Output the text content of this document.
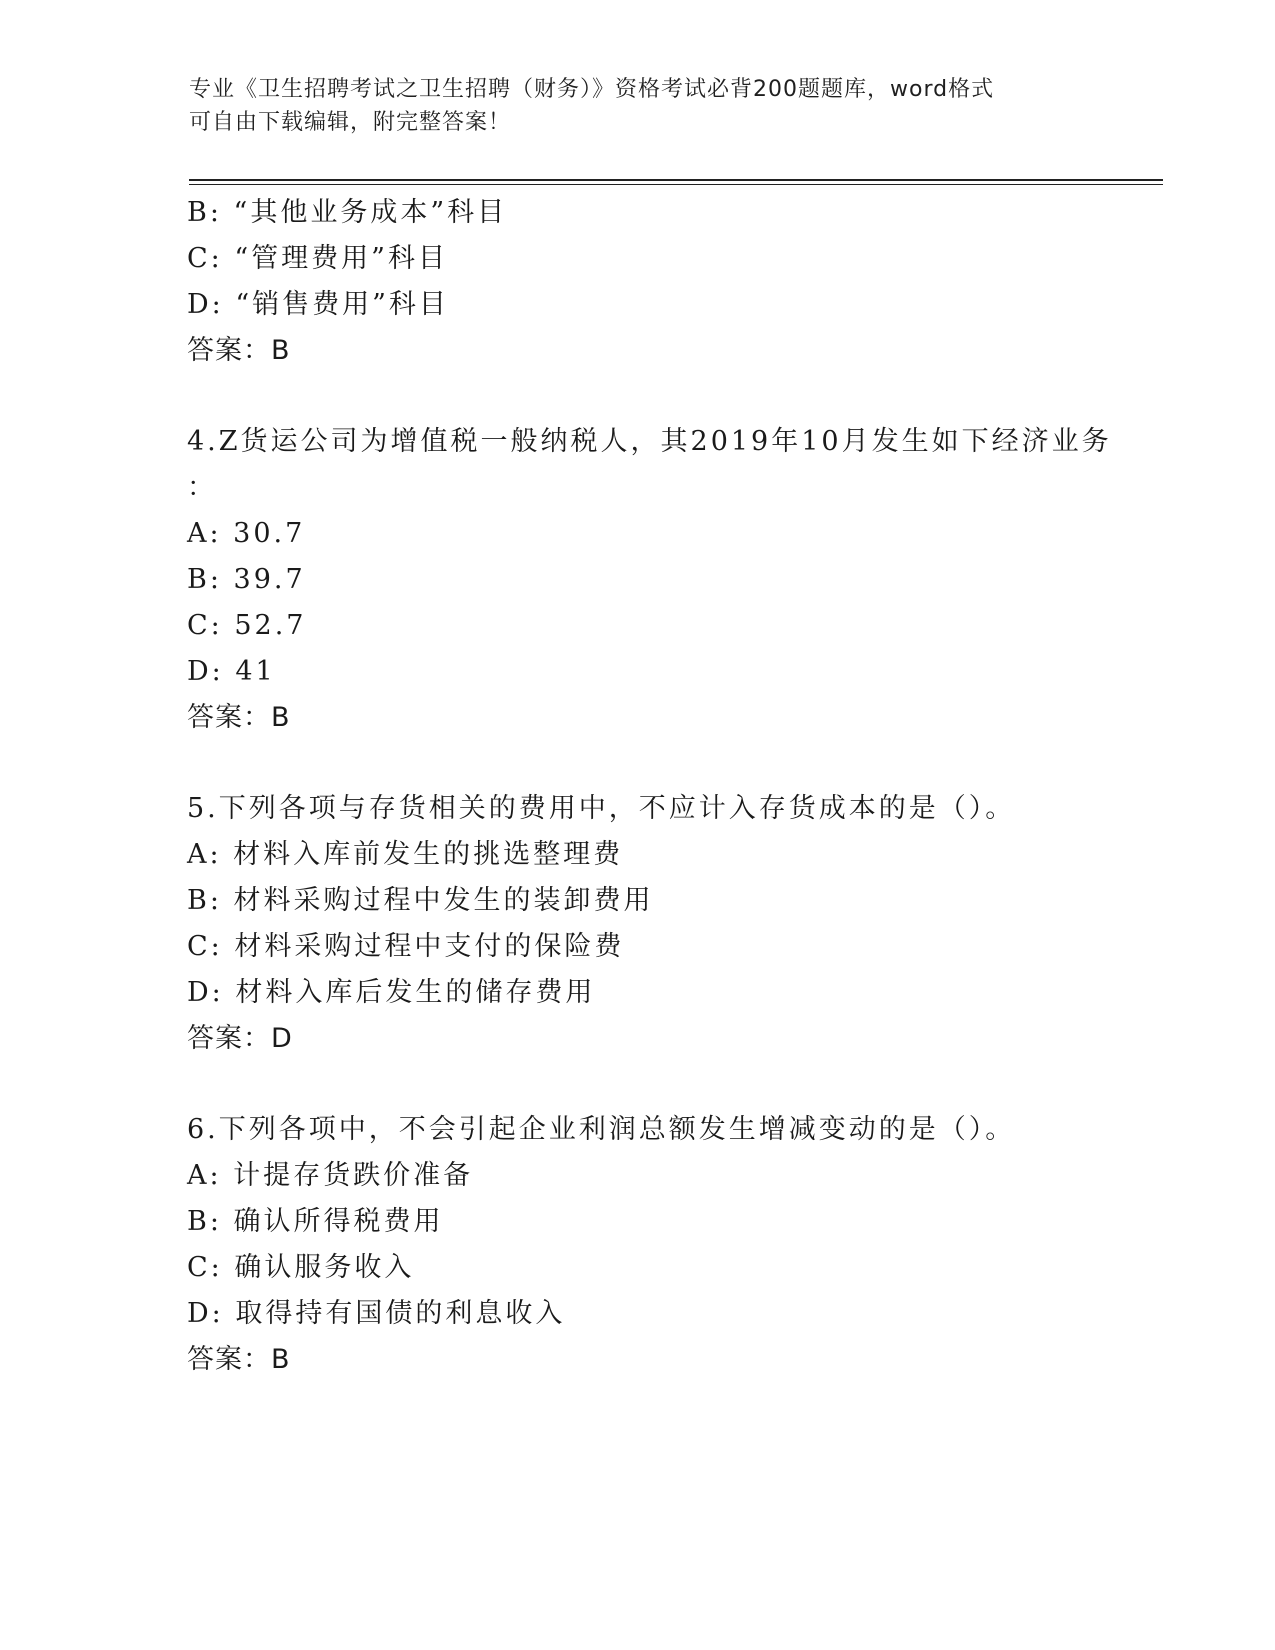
专业《卫生招聘考试之卫生招聘（财务）》资格考试必背200题题库，word格式
可自由下载编辑，附完整答案！
B: “其他业务成本”科目
C: “管理费用”科目
D: “销售费用”科目
答案：B
4.Z货运公司为增值税一般纳税人，其2019年10月发生如下经济业务
：
A: 30.7
B: 39.7
C: 52.7
D: 41
答案：B
5.下列各项与存货相关的费用中，不应计入存货成本的是（）。
A: 材料入库前发生的挑选整理费
B: 材料采购过程中发生的装卸费用
C: 材料采购过程中支付的保险费
D: 材料入库后发生的储存费用
答案：D
6.下列各项中，不会引起企业利润总额发生增减变动的是（）。
A: 计提存货跌价准备
B: 确认所得税费用
C: 确认服务收入
D: 取得持有国债的利息收入
答案：B
